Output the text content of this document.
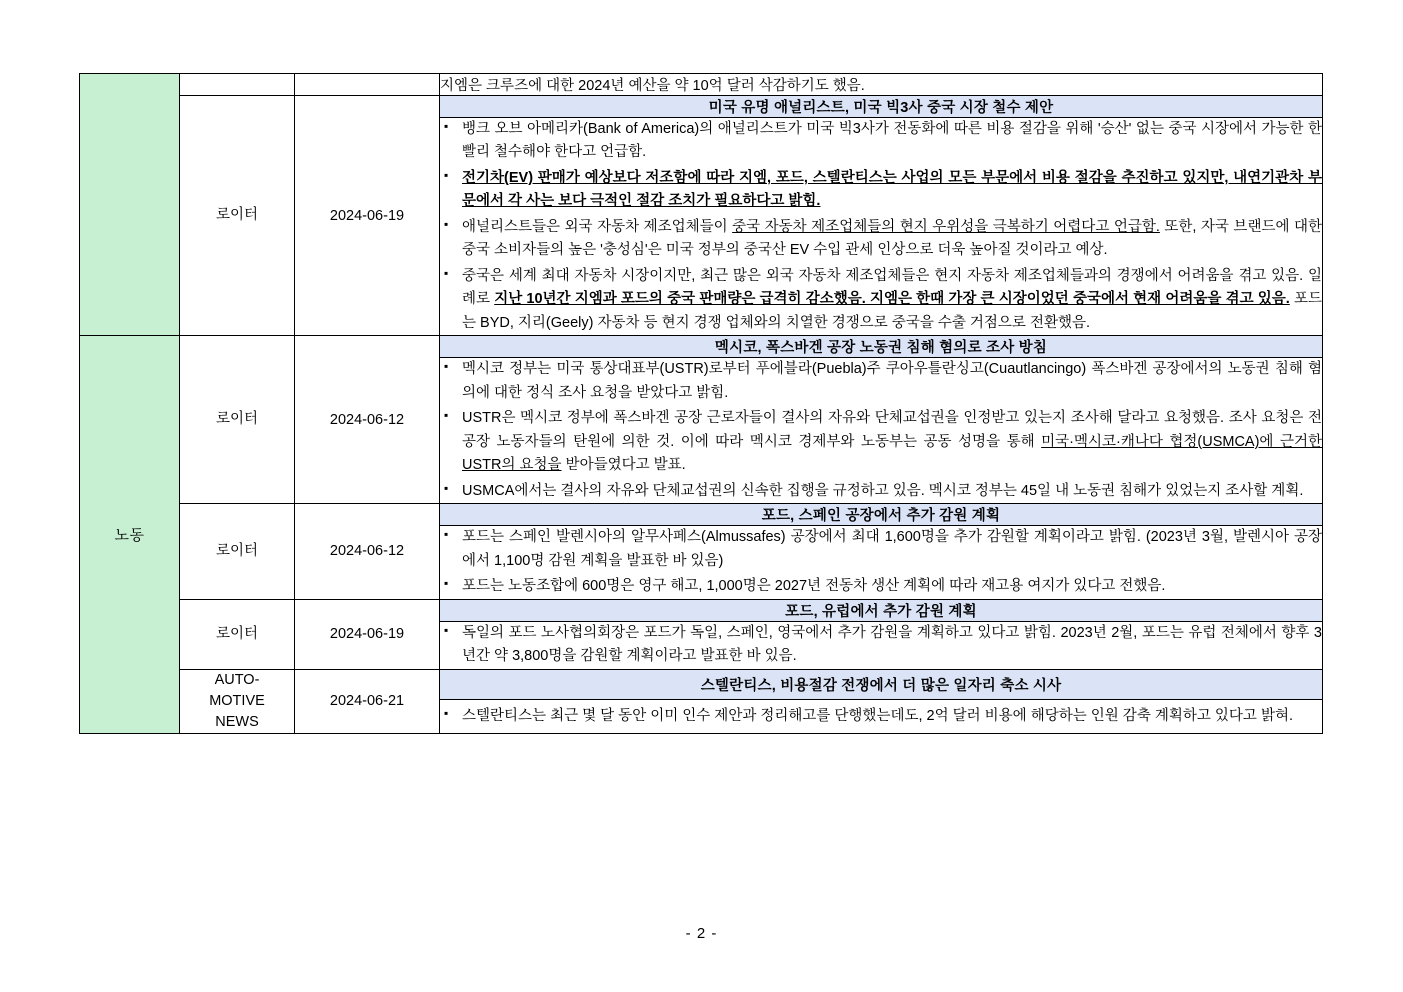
			지엠은 크루즈에 대한 2024년 예산을 약 10억 달러 삭감하기도 했음.
	로이터	2024-06-19	미국 유명 애널리스트, 미국 빅3사 중국 시장 철수 제안

▪ 뱅크 오브 아메리카(Bank of America)의 애널리스트가 미국 빅3사가 전동화에 따른 비용 절감을 위해 '승산' 없는 중국 시장에서 가능한 한 빨리 철수해야 한다고 언급함.
▪ 전기차(EV) 판매가 예상보다 저조함에 따라 지엠, 포드, 스텔란티스는 사업의 모든 부문에서 비용 절감을 추진하고 있지만, 내연기관차 부문에서 각 사는 보다 극적인 절감 조치가 필요하다고 밝힘.
▪ 애널리스트들은 외국 자동차 제조업체들이 중국 자동차 제조업체들의 현지 우위성을 극복하기 어렵다고 언급함. 또한, 자국 브랜드에 대한 중국 소비자들의 높은 '충성심'은 미국 정부의 중국산 EV 수입 관세 인상으로 더욱 높아질 것이라고 예상.
▪ 중국은 세계 최대 자동차 시장이지만, 최근 많은 외국 자동차 제조업체들은 현지 자동차 제조업체들과의 경쟁에서 어려움을 겪고 있음. 일례로 지난 10년간 지엠과 포드의 중국 판매량은 급격히 감소했음. 지엠은 한때 가장 큰 시장이었던 중국에서 현재 어려움을 겪고 있음. 포드는 BYD, 지리(Geely) 자동차 등 현지 경쟁 업체와의 치열한 경쟁으로 중국을 수출 거점으로 전환했음.

노동	로이터	2024-06-12	멕시코, 폭스바겐 공장 노동권 침해 혐의로 조사 방침

▪ 멕시코 정부는 미국 통상대표부(USTR)로부터 푸에블라(Puebla)주 쿠아우틀란싱고(Cuautlancingo) 폭스바겐 공장에서의 노동권 침해 혐의에 대한 정식 조사 요청을 받았다고 밝힘.
▪ USTR은 멕시코 정부에 폭스바겐 공장 근로자들이 결사의 자유와 단체교섭권을 인정받고 있는지 조사해 달라고 요청했음. 조사 요청은 전 공장 노동자들의 탄원에 의한 것. 이에 따라 멕시코 경제부와 노동부는 공동 성명을 통해 미국·멕시코·캐나다 협정(USMCA)에 근거한 USTR의 요청을 받아들였다고 발표.
▪ USMCA에서는 결사의 자유와 단체교섭권의 신속한 집행을 규정하고 있음. 멕시코 정부는 45일 내 노동권 침해가 있었는지 조사할 계획.

	로이터	2024-06-12	포드, 스페인 공장에서 추가 감원 계획

▪ 포드는 스페인 발렌시아의 알무사페스(Almussafes) 공장에서 최대 1,600명을 추가 감원할 계획이라고 밝힘. (2023년 3월, 발렌시아 공장에서 1,100명 감원 계획을 발표한 바 있음)
▪ 포드는 노동조합에 600명은 영구 해고, 1,000명은 2027년 전동차 생산 계획에 따라 재고용 여지가 있다고 전했음.

	로이터	2024-06-19	포드, 유럽에서 추가 감원 계획

▪ 독일의 포드 노사협의회장은 포드가 독일, 스페인, 영국에서 추가 감원을 계획하고 있다고 밝힘. 2023년 2월, 포드는 유럽 전체에서 향후 3년간 약 3,800명을 감원할 계획이라고 발표한 바 있음.

	AUTO-
MOTIVE
NEWS	2024-06-21	스텔란티스, 비용절감 전쟁에서 더 많은 일자리 축소 시사

▪ 스텔란티스는 최근 몇 달 동안 이미 인수 제안과 정리해고를 단행했는데도, 2억 달러 비용에 해당하는 인원 감축 계획하고 있다고 밝혀.
- 2 -
